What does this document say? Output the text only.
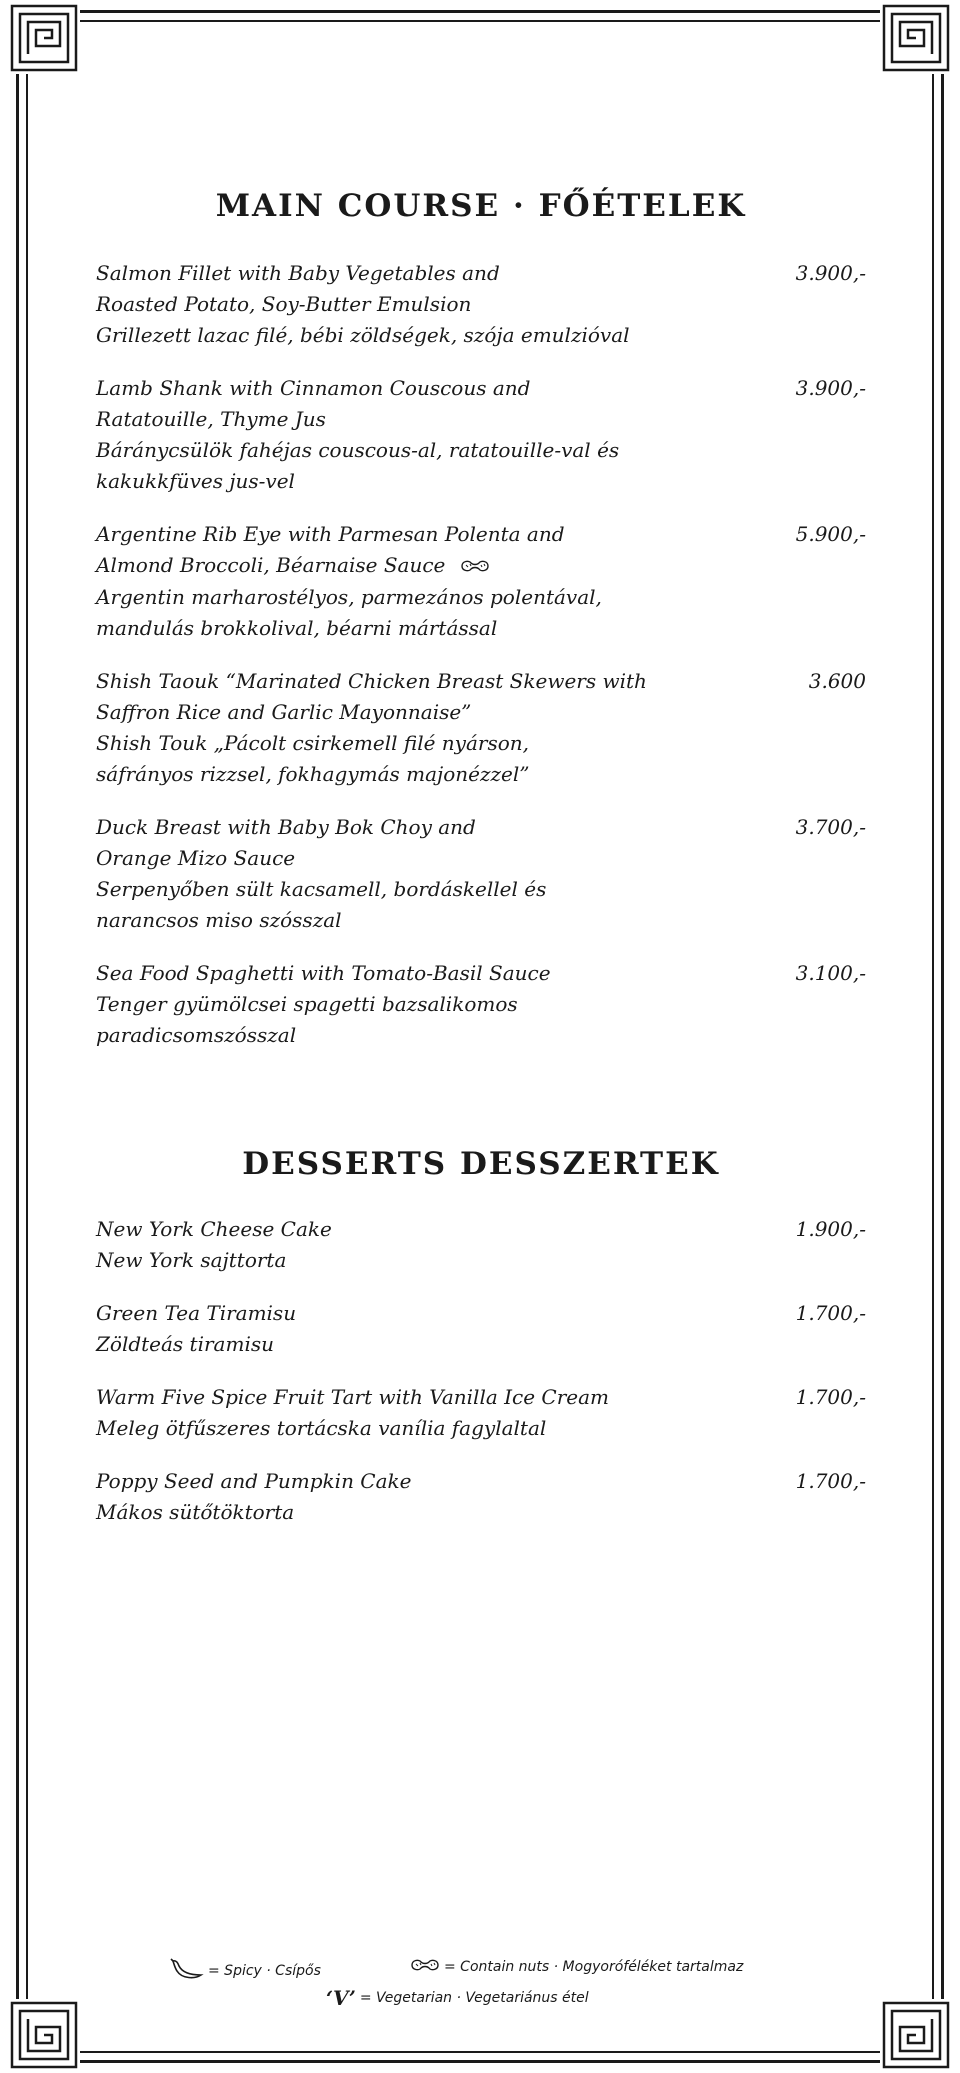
MAIN COURSE · FŐÉTELEK
Salmon Fillet with Baby Vegetables and	3.900,-
Roasted Potato, Soy-Butter Emulsion
Grillezett lazac filé, bébi zöldségek, szója emulzióval
Lamb Shank with Cinnamon Couscous and	3.900,-
Ratatouille, Thyme Jus
Báránycsülök fahéjas couscous-al, ratatouille-val és
kakukkfüves jus-vel
Argentine Rib Eye with Parmesan Polenta and	5.900,-
Almond Broccoli, Béarnaise Sauce
Argentin marharostélyos, parmezános polentával,
mandulás brokkolival, béarni mártással
Shish Taouk “Marinated Chicken Breast Skewers with	3.600
Saffron Rice and Garlic Mayonnaise”
Shish Touk „Pácolt csirkemell filé nyárson,
sáfrányos rizzsel, fokhagymás majonézzel”
Duck Breast with Baby Bok Choy and	3.700,-
Orange Mizo Sauce
Serpenyőben sült kacsamell, bordáskellel és
narancsos miso szósszal
Sea Food Spaghetti with Tomato-Basil Sauce	3.100,-
Tenger gyümölcsei spagetti bazsalikomos
paradicsomszósszal
DESSERTS DESSZERTEK
New York Cheese Cake	1.900,-
New York sajttorta
Green Tea Tiramisu	1.700,-
Zöldteás tiramisu
Warm Five Spice Fruit Tart with Vanilla Ice Cream	1.700,-
Meleg ötfűszeres tortácska vanília fagylaltal
Poppy Seed and Pumpkin Cake	1.700,-
Mákos sütőtöktorta
= Spicy · Csípős	= Contain nuts · Mogyoróféléket tartalmaz
‘V’ = Vegetarian · Vegetariánus étel
